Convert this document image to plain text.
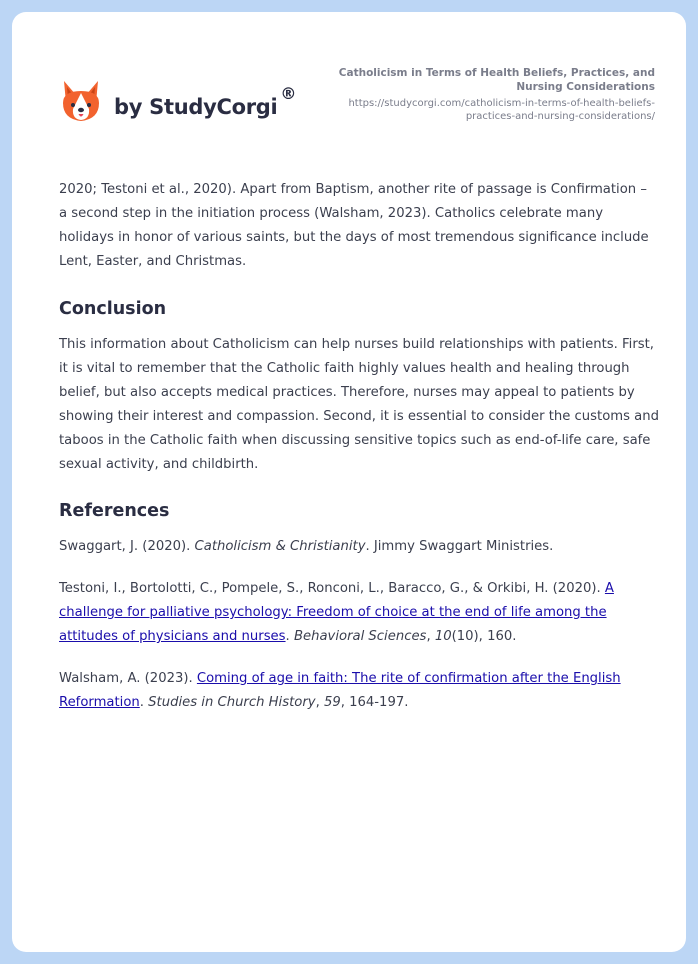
by StudyCorgi
®
Catholicism in Terms of Health Beliefs, Practices, and Nursing Considerations
https://studycorgi.com/catholicism-in-terms-of-health-beliefs-practices-and-nursing-considerations/

2020; Testoni et al., 2020). Apart from Baptism, another rite of passage is Confirmation – a second step in the initiation process (Walsham, 2023). Catholics celebrate many holidays in honor of various saints, but the days of most tremendous significance include Lent, Easter, and Christmas.

Conclusion

This information about Catholicism can help nurses build relationships with patients. First, it is vital to remember that the Catholic faith highly values health and healing through belief, but also accepts medical practices. Therefore, nurses may appeal to patients by showing their interest and compassion. Second, it is essential to consider the customs and taboos in the Catholic faith when discussing sensitive topics such as end-of-life care, safe sexual activity, and childbirth.

References

Swaggart, J. (2020). Catholicism & Christianity. Jimmy Swaggart Ministries.

Testoni, I., Bortolotti, C., Pompele, S., Ronconi, L., Baracco, G., & Orkibi, H. (2020). A challenge for palliative psychology: Freedom of choice at the end of life among the attitudes of physicians and nurses. Behavioral Sciences, 10(10), 160.

Walsham, A. (2023). Coming of age in faith: The rite of confirmation after the English Reformation. Studies in Church History, 59, 164-197.
